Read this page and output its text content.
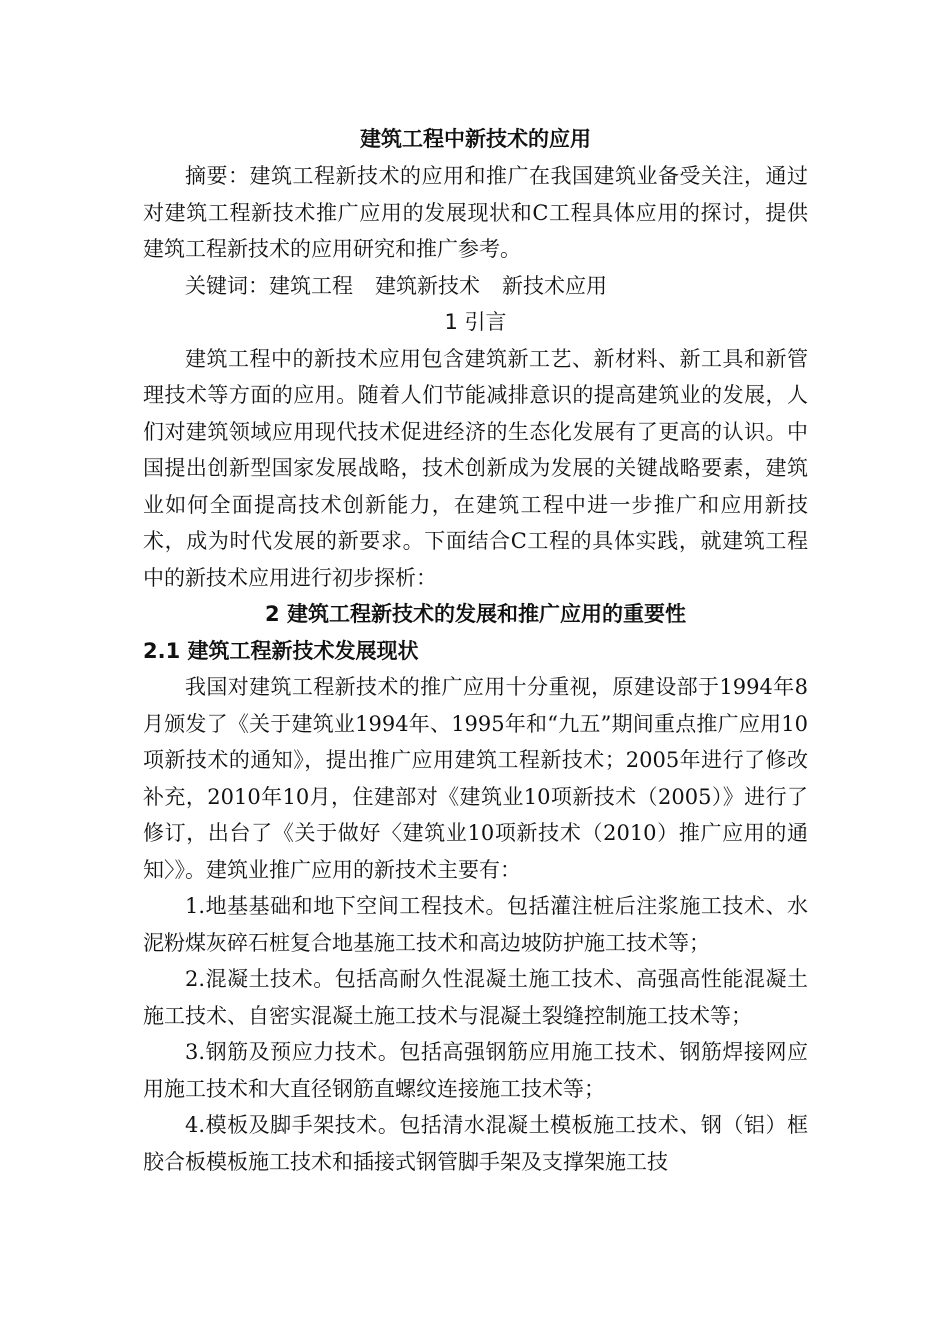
建筑工程中新技术的应用

摘要：建筑工程新技术的应用和推广在我国建筑业备受关注，通过对建筑工程新技术推广应用的发展现状和C工程具体应用的探讨，提供建筑工程新技术的应用研究和推广参考。

关键词：建筑工程 建筑新技术 新技术应用

1 引言

建筑工程中的新技术应用包含建筑新工艺、新材料、新工具和新管理技术等方面的应用。随着人们节能减排意识的提高建筑业的发展，人们对建筑领域应用现代技术促进经济的生态化发展有了更高的认识。中国提出创新型国家发展战略，技术创新成为发展的关键战略要素，建筑业如何全面提高技术创新能力，在建筑工程中进一步推广和应用新技术，成为时代发展的新要求。下面结合C工程的具体实践，就建筑工程中的新技术应用进行初步探析：

2 建筑工程新技术的发展和推广应用的重要性

2.1 建筑工程新技术发展现状

我国对建筑工程新技术的推广应用十分重视，原建设部于1994年8月颁发了《关于建筑业1994年、1995年和“九五”期间重点推广应用10项新技术的通知》，提出推广应用建筑工程新技术；2005年进行了修改补充，2010年10月，住建部对《建筑业10项新技术（2005）》进行了修订，出台了《关于做好〈建筑业10项新技术（2010）推广应用的通知〉》。建筑业推广应用的新技术主要有：

1.地基基础和地下空间工程技术。包括灌注桩后注浆施工技术、水泥粉煤灰碎石桩复合地基施工技术和高边坡防护施工技术等；

2.混凝土技术。包括高耐久性混凝土施工技术、高强高性能混凝土施工技术、自密实混凝土施工技术与混凝土裂缝控制施工技术等；

3.钢筋及预应力技术。包括高强钢筋应用施工技术、钢筋焊接网应用施工技术和大直径钢筋直螺纹连接施工技术等；

4.模板及脚手架技术。包括清水混凝土模板施工技术、钢（铝）框胶合板模板施工技术和插接式钢管脚手架及支撑架施工技
